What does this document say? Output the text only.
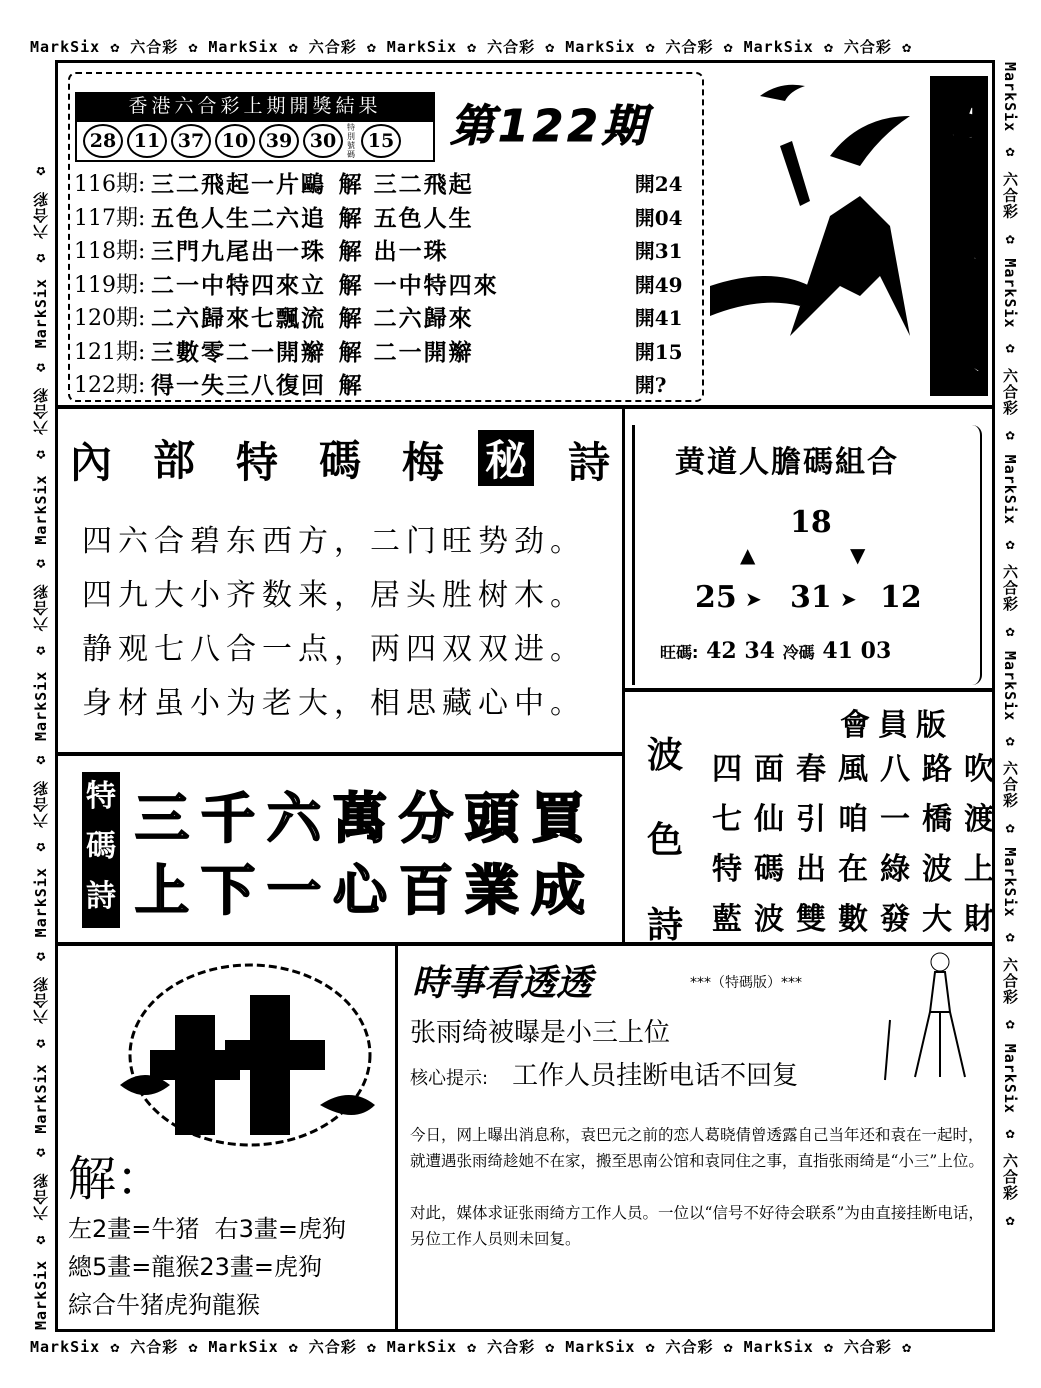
MarkSix ✿ 六合彩 ✿ MarkSix ✿ 六合彩 ✿ MarkSix ✿ 六合彩 ✿ MarkSix ✿ 六合彩 ✿ MarkSix ✿ 六合彩 ✿
MarkSix ✿ 六合彩 ✿ MarkSix ✿ 六合彩 ✿ MarkSix ✿ 六合彩 ✿ MarkSix ✿ 六合彩 ✿ MarkSix ✿ 六合彩 ✿
MarkSix ✿ 六合彩 ✿ MarkSix ✿ 六合彩 ✿ MarkSix ✿ 六合彩 ✿ MarkSix ✿ 六合彩 ✿ MarkSix ✿ 六合彩 ✿ MarkSix ✿ 六合彩 ✿	MarkSix ✿ 六合彩 ✿ MarkSix ✿ 六合彩 ✿ MarkSix ✿ 六合彩 ✿ MarkSix ✿ 六合彩 ✿ MarkSix ✿ 六合彩 ✿ MarkSix ✿ 六合彩 ✿
香港六合彩上期開獎結果
28 11 37 10 39 30
特別號碼
15 第122期
116期: 三二飛起一片鷗 解 三二飛起	開24
117期: 五色人生二六追 解 五色人生	開04
118期: 三門九尾出一珠 解 出一珠	開31
119期: 二一中特四來立 解 一中特四來	開49
120期: 二六歸來七飄流 解 二六歸來	開41
121期: 三數零二一開辮 解 二一開辮	開15
122期: 得一失三八復回 解	開?
財
神
口
訣
內 部 特 碼 梅 秘 詩
四六合碧东西方，二门旺势劲。
四九大小齐数来，居头胜树木。
静观七八合一点，两四双双进。
身材虽小为老大，相思藏心中。
黄道人膽碼組合
18
▲	▼
25 ➤ 31 ➤ 12
旺碼: 42 34 冷碼 41 03
會員版
波
色
詩
四面春風八路吹
七仙引咱一橋渡
特碼出在綠波上
藍波雙數發大財
特
碼
詩
三千六萬分頭買
上下一心百業成
解：
左2畫=牛猪  右3畫=虎狗
總5畫=龍猴23畫=虎狗
綜合牛猪虎狗龍猴
時事看透透	***（特碼版）***
张雨绮被曝是小三上位
核心提示: 工作人员挂断电话不回复

今日，网上曝出消息称，袁巴元之前的恋人葛晓倩曾透露自己当年还和袁在一起时，就遭遇张雨绮趁她不在家，搬至思南公馆和袁同住之事，直指张雨绮是“小三”上位。

对此，媒体求证张雨绮方工作人员。一位以“信号不好待会联系”为由直接挂断电话，另位工作人员则未回复。
